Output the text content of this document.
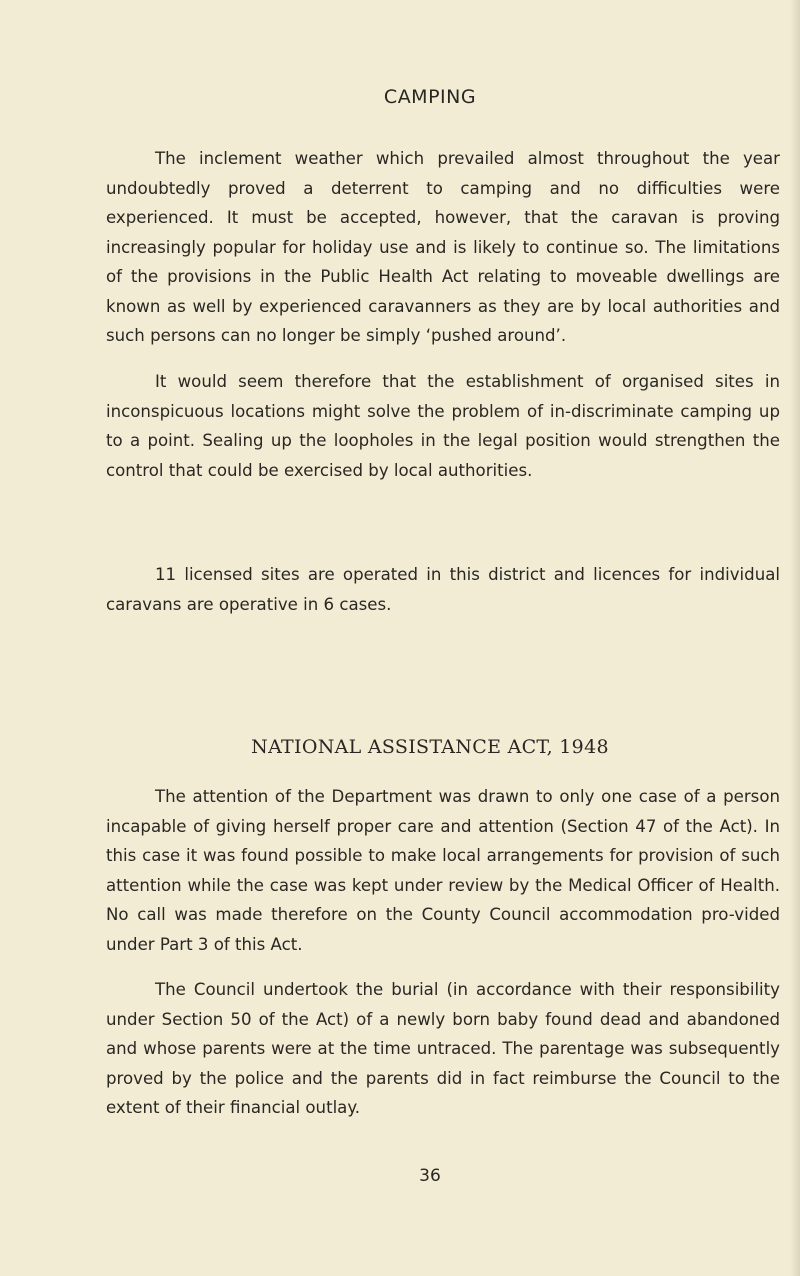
CAMPING

The inclement weather which prevailed almost throughout the year undoubtedly proved a deterrent to camping and no difficulties were experienced. It must be accepted, however, that the caravan is proving increasingly popular for holiday use and is likely to continue so. The limitations of the provisions in the Public Health Act relating to moveable dwellings are known as well by experienced caravanners as they are by local authorities and such persons can no longer be simply ‘pushed around’.

It would seem therefore that the establishment of organised sites in inconspicuous locations might solve the problem of in-discriminate camping up to a point. Sealing up the loopholes in the legal position would strengthen the control that could be exercised by local authorities.

11 licensed sites are operated in this district and licences for individual caravans are operative in 6 cases.

NATIONAL ASSISTANCE ACT, 1948

The attention of the Department was drawn to only one case of a person incapable of giving herself proper care and attention (Section 47 of the Act). In this case it was found possible to make local arrangements for provision of such attention while the case was kept under review by the Medical Officer of Health. No call was made therefore on the County Council accommodation pro-vided under Part 3 of this Act.

The Council undertook the burial (in accordance with their responsibility under Section 50 of the Act) of a newly born baby found dead and abandoned and whose parents were at the time untraced. The parentage was subsequently proved by the police and the parents did in fact reimburse the Council to the extent of their financial outlay.

36
